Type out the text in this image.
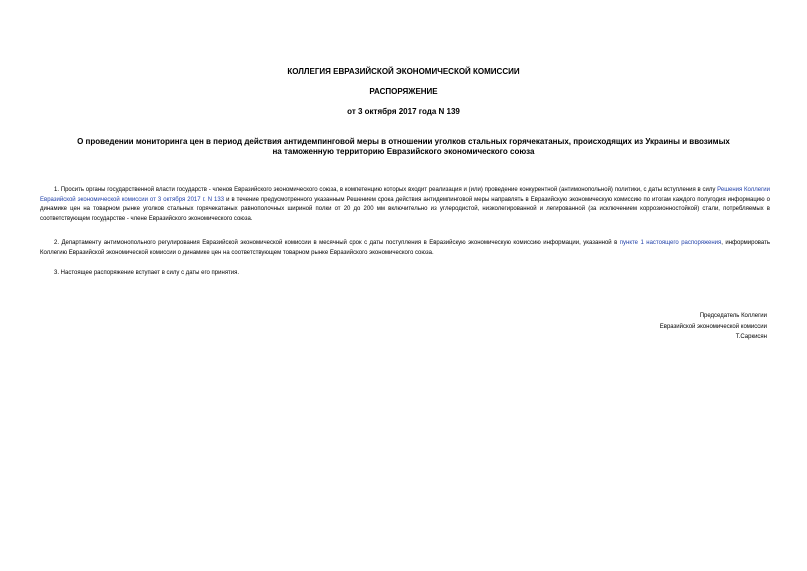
КОЛЛЕГИЯ ЕВРАЗИЙСКОЙ ЭКОНОМИЧЕСКОЙ КОМИССИИ
РАСПОРЯЖЕНИЕ
от 3 октября 2017 года N 139
О проведении мониторинга цен в период действия антидемпинговой меры в отношении уголков стальных горячекатаных, происходящих из Украины и ввозимых
на таможенную территорию Евразийского экономического союза
1. Просить органы государственной власти государств - членов Евразийского экономического союза, в компетенцию которых входит реализация и (или) проведение конкурентной (антимонопольной) политики, с даты вступления в силу Решения Коллегии Евразийской экономической комиссии от 3 октября 2017 г. N 133 и в течение предусмотренного указанным Решением срока действия антидемпинговой меры направлять в Евразийскую экономическую комиссию по итогам каждого полугодия информацию о динамике цен на товарном рынке уголков стальных горячекатаных равнополочных шириной полки от 20 до 200 мм включительно из углеродистой, низколегированной и легированной (за исключением коррозионностойкой) стали, потребляемых в соответствующем государстве - члене Евразийского экономического союза.
2. Департаменту антимонопольного регулирования Евразийской экономической комиссии в месячный срок с даты поступления в Евразийскую экономическую комиссию информации, указанной в пункте 1 настоящего распоряжения, информировать Коллегию Евразийской экономической комиссии о динамике цен на соответствующем товарном рынке Евразийского экономического союза.
3. Настоящее распоряжение вступает в силу с даты его принятия.
Председатель Коллегии
Евразийской экономической комиссии
Т.Саркисян
